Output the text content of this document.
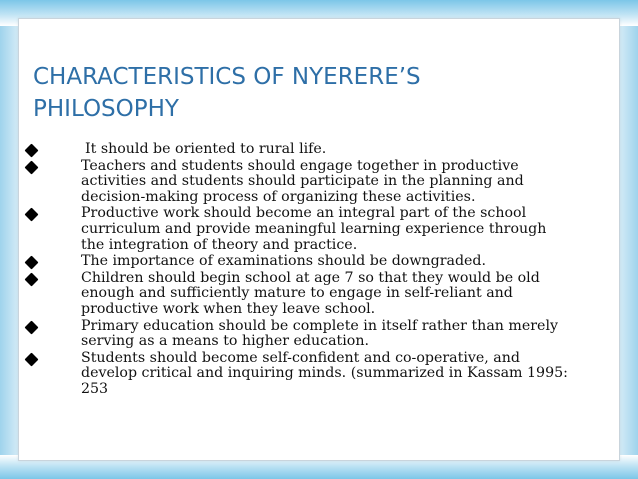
CHARACTERISTICS OF NYERERE’S
PHILOSOPHY
It should be oriented to rural life.
Teachers and students should engage together in productive
activities and students should participate in the planning and
decision-making process of organizing these activities.
Productive work should become an integral part of the school
curriculum and provide meaningful learning experience through
the integration of theory and practice.
The importance of examinations should be downgraded.
Children should begin school at age 7 so that they would be old
enough and sufficiently mature to engage in self-reliant and
productive work when they leave school.
Primary education should be complete in itself rather than merely
serving as a means to higher education.
Students should become self-confident and co-operative, and
develop critical and inquiring minds. (summarized in Kassam 1995:
253
